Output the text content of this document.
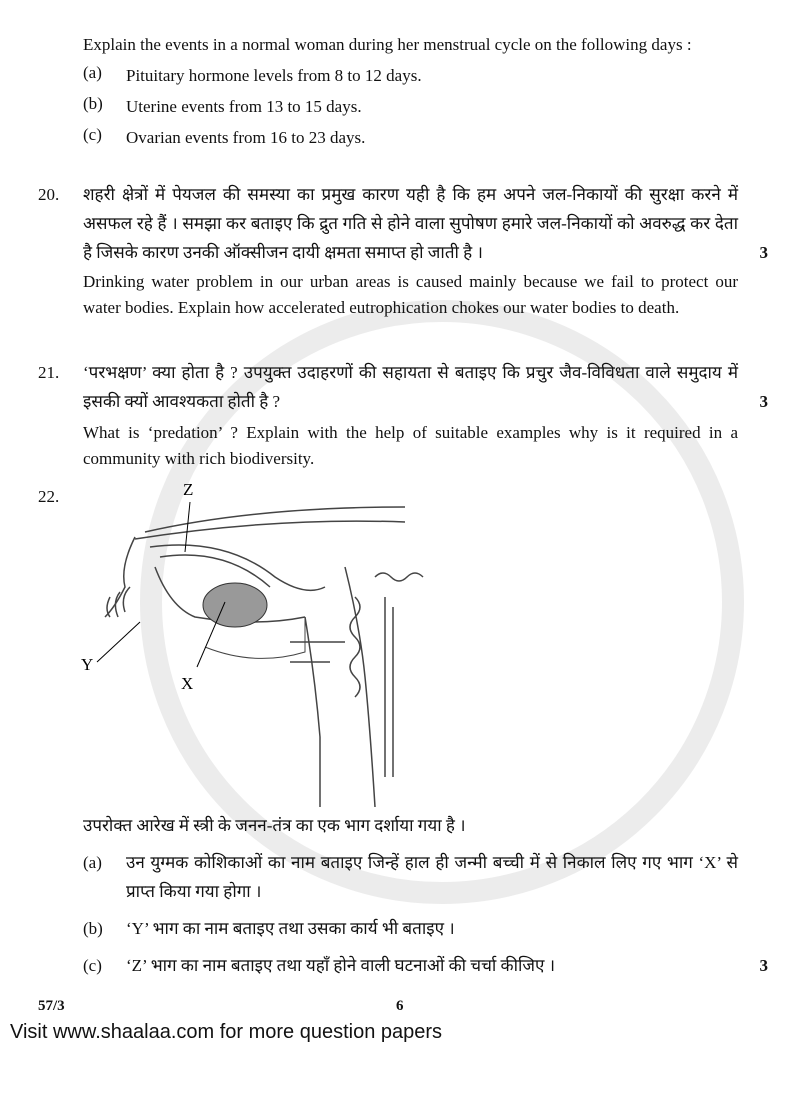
Explain the events in a normal woman during her menstrual cycle on the following days :
(a)	Pituitary hormone levels from 8 to 12 days.
(b)	Uterine events from 13 to 15 days.
(c)	Ovarian events from 16 to 23 days.
20.	शहरी क्षेत्रों में पेयजल की समस्या का प्रमुख कारण यही है कि हम अपने जल-निकायों की सुरक्षा करने में असफल रहे हैं । समझा कर बताइए कि द्रुत गति से होने वाला सुपोषण हमारे जल-निकायों को अवरुद्ध कर देता है जिसके कारण उनकी ऑक्सीजन दायी क्षमता समाप्त हो जाती है ।	3
Drinking water problem in our urban areas is caused mainly because we fail to protect our water bodies. Explain how accelerated eutrophication chokes our water bodies to death.
21.	‘परभक्षण’ क्या होता है ? उपयुक्त उदाहरणों की सहायता से बताइए कि प्रचुर जैव-विविधता वाले समुदाय में इसकी क्यों आवश्यकता होती है ?	3
What is ‘predation’ ? Explain with the help of suitable examples why is it required in a community with rich biodiversity.
22.	Z
Y
X
उपरोक्त आरेख में स्त्री के जनन-तंत्र का एक भाग दर्शाया गया है ।
(a)	उन युग्मक कोशिकाओं का नाम बताइए जिन्हें हाल ही जन्मी बच्ची में से निकाल लिए गए भाग ‘X’ से प्राप्त किया गया होगा ।
(b)	‘Y’ भाग का नाम बताइए तथा उसका कार्य भी बताइए ।
(c)	‘Z’ भाग का नाम बताइए तथा यहाँ होने वाली घटनाओं की चर्चा कीजिए ।	3
57/3	6
Visit www.shaalaa.com for more question papers
